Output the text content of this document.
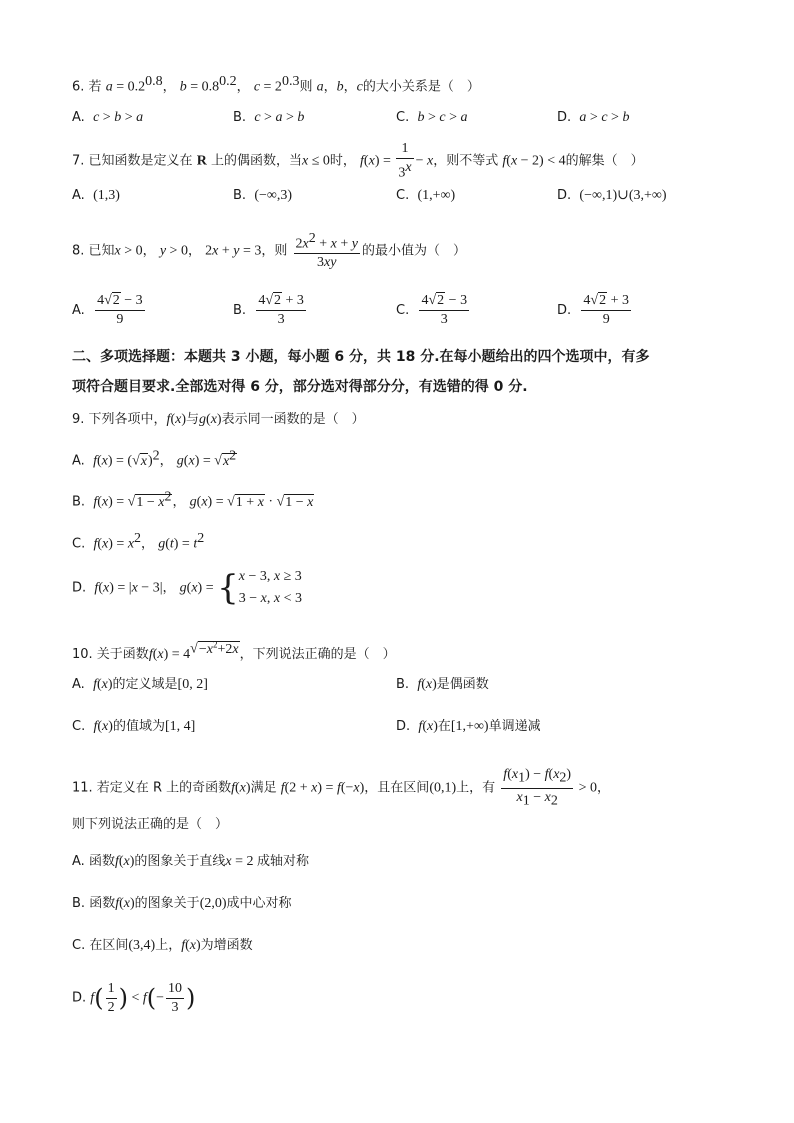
6. 若 $a = 0.2^{0.8}$， $b = 0.8^{0.2}$， $c = 2^{0.3}$则 a，b，c的大小关系是（　）
A. c > b > a	B. c > a > b	C. b > c > a	D. a > c > b
7. 已知函数是定义在 R 上的偶函数，当x ≤ 0时， $f(x) = \frac{1}{3^x} - x$，则不等式 f(x − 2) < 4的解集（　）
A. (1,3)	B. (−∞,3)	C. (1,+∞)	D. (−∞,1)∪(3,+∞)
8. 已知x > 0， y > 0， 2x + y = 3，则 $\frac{2x^2 + x + y}{3xy}$ 的最小值为（　）
A. $\frac{4√2 - 3}{9}$	B. $\frac{4√2 + 3}{3}$	C. $\frac{4√2 - 3}{3}$	D. $\frac{4√2 + 3}{9}$
二、多项选择题：本题共 3 小题，每小题 6 分，共 18 分.在每小题给出的四个选项中，有多
项符合题目要求.全部选对得 6 分，部分选对得部分分，有选错的得 0 分.
9. 下列各项中，f(x)与g(x)表示同一函数的是（　）
A. $f(x) = (√x)^2$， $g(x) = √x^2$
B. $f(x) = √1 - x^2$， g(x) = √1 + x · √1 − x
C. $f(x) = x^2$， $g(t) = t^2$
D. f(x) = |x − 3|， g(x) = { x − 3, x ≥ 3
3 − x, x < 3
10. 关于函数$f(x) = 4^{√-x^2+2x}$，下列说法正确的是（　）
A. f(x)的定义域是[0, 2]	B. f(x)是偶函数
C. f(x)的值域为[1, 4]	D. f(x)在[1,+∞)单调递减
11. 若定义在 R 上的奇函数f(x)满足 f(2 + x) = f(−x)，且在区间(0,1)上，有 $\frac{f(x_1) - f(x_2)}{x_1 - x_2} > 0$，
则下列说法正确的是（　）
A. 函数f(x)的图象关于直线x = 2 成轴对称
B. 函数f(x)的图象关于(2,0)成中心对称
C. 在区间(3,4)上，f(x)为增函数
D. $f( \frac{1}{2}$ ) < $f(- \frac{10}{3}$ )
